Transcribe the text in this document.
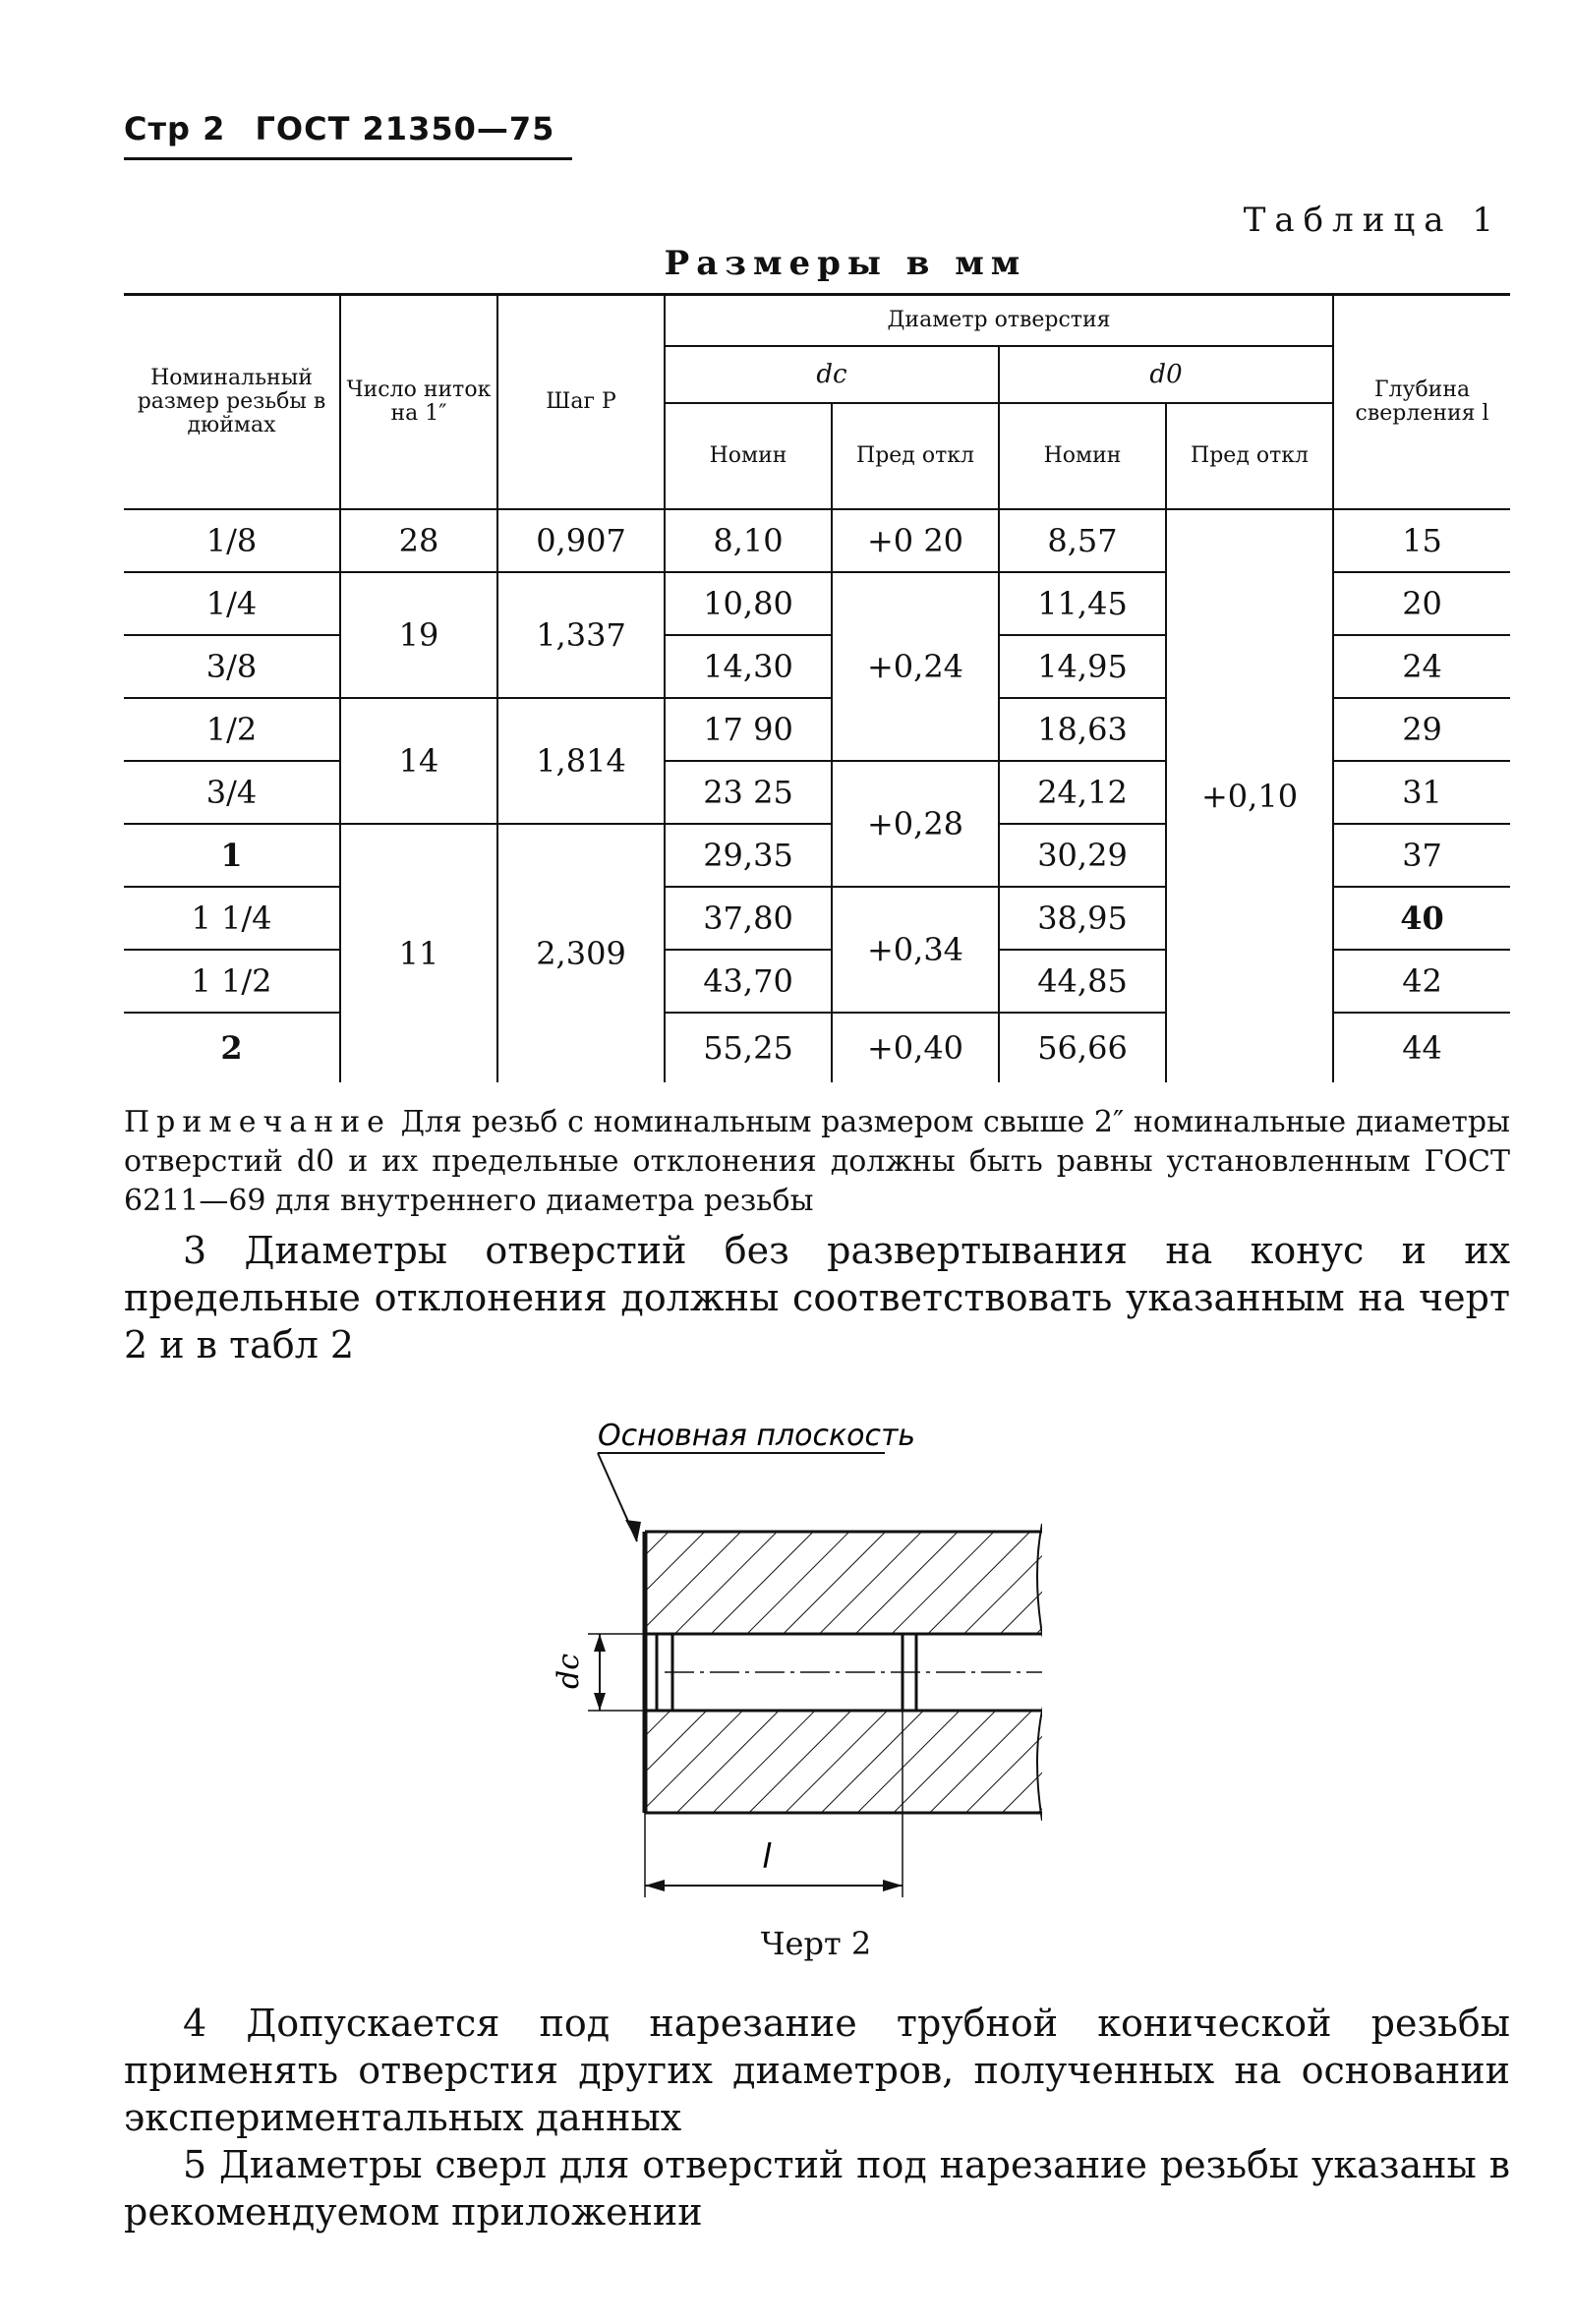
Стр 2 ГОСТ 21350—75
Таблица 1
Размеры в мм
Номинальный размер резьбы в дюймах	Число ниток на 1″	Шаг P	Диаметр отверстия				Глубина сверления l
			dc		d0		
			Номин	Пред откл	Номин	Пред откл	
1/8	28	0,907	8,10	+0 20	8,57	+0,10	15
1/4	19	1,337	10,80	+0,24	11,45		20
3/8			14,30		14,95		24
1/2	14	1,814	17 90		18,63		29
3/4			23 25	+0,28	24,12		31
1	11	2,309	29,35		30,29		37
1 1/4			37,80	+0,34	38,95		40
1 1/2			43,70		44,85		42
2			55,25	+0,40	56,66		44
Примечание Для резьб с номинальным размером свыше 2″ номинальные диаметры отверстий d0 и их предельные отклонения должны быть равны установленным ГОСТ 6211—69 для внутреннего диаметра резьбы
3 Диаметры отверстий без развертывания на конус и их предельные отклонения должны соответствовать указанным на черт 2 и в табл 2
Основная плоскость
dc
l
Черт 2
4 Допускается под нарезание трубной конической резьбы применять отверстия других диаметров, полученных на основании экспериментальных данных
5 Диаметры сверл для отверстий под нарезание резьбы указаны в рекомендуемом приложении
